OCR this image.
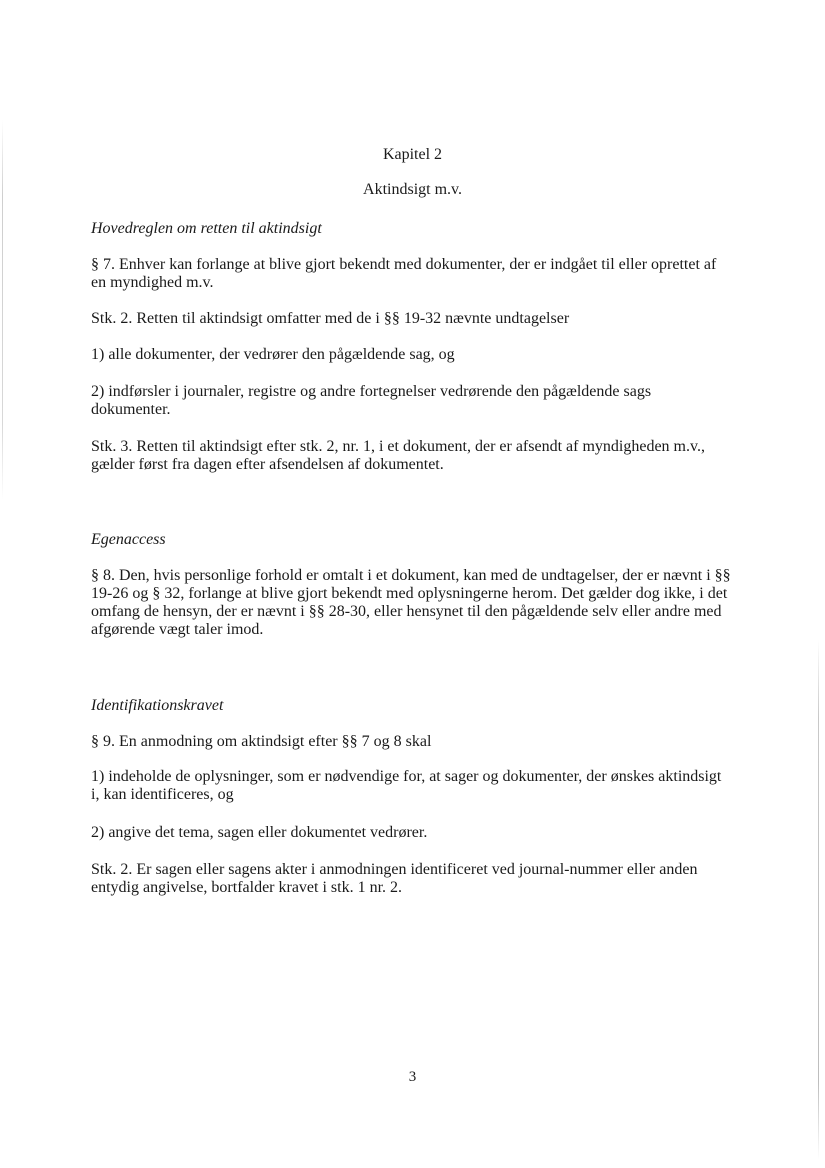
Kapitel 2
Aktindsigt m.v.
Hovedreglen om retten til aktindsigt
§ 7. Enhver kan forlange at blive gjort bekendt med dokumenter, der er indgået til eller oprettet af en myndighed m.v.
Stk. 2. Retten til aktindsigt omfatter med de i §§ 19-32 nævnte undtagelser
1) alle dokumenter, der vedrører den pågældende sag, og
2) indførsler i journaler, registre og andre fortegnelser vedrørende den pågældende sags dokumenter.
Stk. 3. Retten til aktindsigt efter stk. 2, nr. 1, i et dokument, der er afsendt af myndigheden m.v., gælder først fra dagen efter afsendelsen af dokumentet.
Egenaccess
§ 8. Den, hvis personlige forhold er omtalt i et dokument, kan med de undtagelser, der er nævnt i §§ 19-26 og § 32, forlange at blive gjort bekendt med oplysningerne herom. Det gælder dog ikke, i det omfang de hensyn, der er nævnt i §§ 28-30, eller hensynet til den pågældende selv eller andre med afgørende vægt taler imod.
Identifikationskravet
§ 9. En anmodning om aktindsigt efter §§ 7 og 8 skal
1) indeholde de oplysninger, som er nødvendige for, at sager og dokumenter, der ønskes aktindsigt i, kan identificeres, og
2) angive det tema, sagen eller dokumentet vedrører.
Stk. 2. Er sagen eller sagens akter i anmodningen identificeret ved journal-nummer eller anden entydig angivelse, bortfalder kravet i stk. 1 nr. 2.
3
